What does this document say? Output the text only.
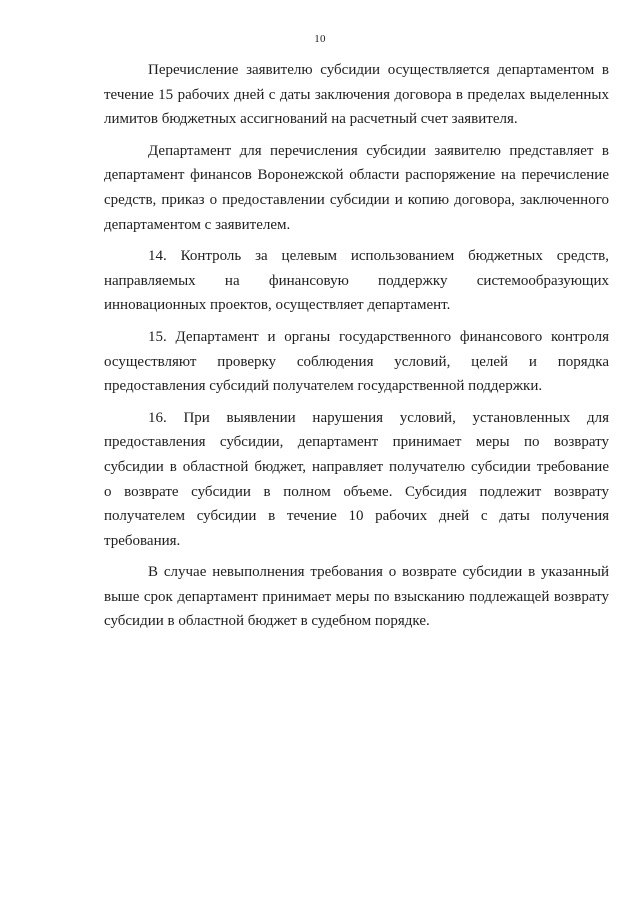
10

Перечисление заявителю субсидии осуществляется департаментом в
течение 15 рабочих дней с даты заключения договора в пределах выделенных
лимитов бюджетных ассигнований на расчетный счет заявителя.

Департамент для перечисления субсидии заявителю представляет в
департамент финансов Воронежской области распоряжение на перечисление
средств, приказ о предоставлении субсидии и копию договора, заключенного
департаментом с заявителем.

14. Контроль за целевым использованием бюджетных средств,
направляемых на финансовую поддержку системообразующих
инновационных проектов, осуществляет департамент.

15. Департамент и органы государственного финансового контроля
осуществляют проверку соблюдения условий, целей и порядка
предоставления субсидий получателем государственной поддержки.

16. При выявлении нарушения условий, установленных для
предоставления субсидии, департамент принимает меры по возврату
субсидии в областной бюджет, направляет получателю субсидии требование
о возврате субсидии в полном объеме. Субсидия подлежит возврату
получателем субсидии в течение 10 рабочих дней с даты получения
требования.

В случае невыполнения требования о возврате субсидии в указанный
выше срок департамент принимает меры по взысканию подлежащей возврату
субсидии в областной бюджет в судебном порядке.
